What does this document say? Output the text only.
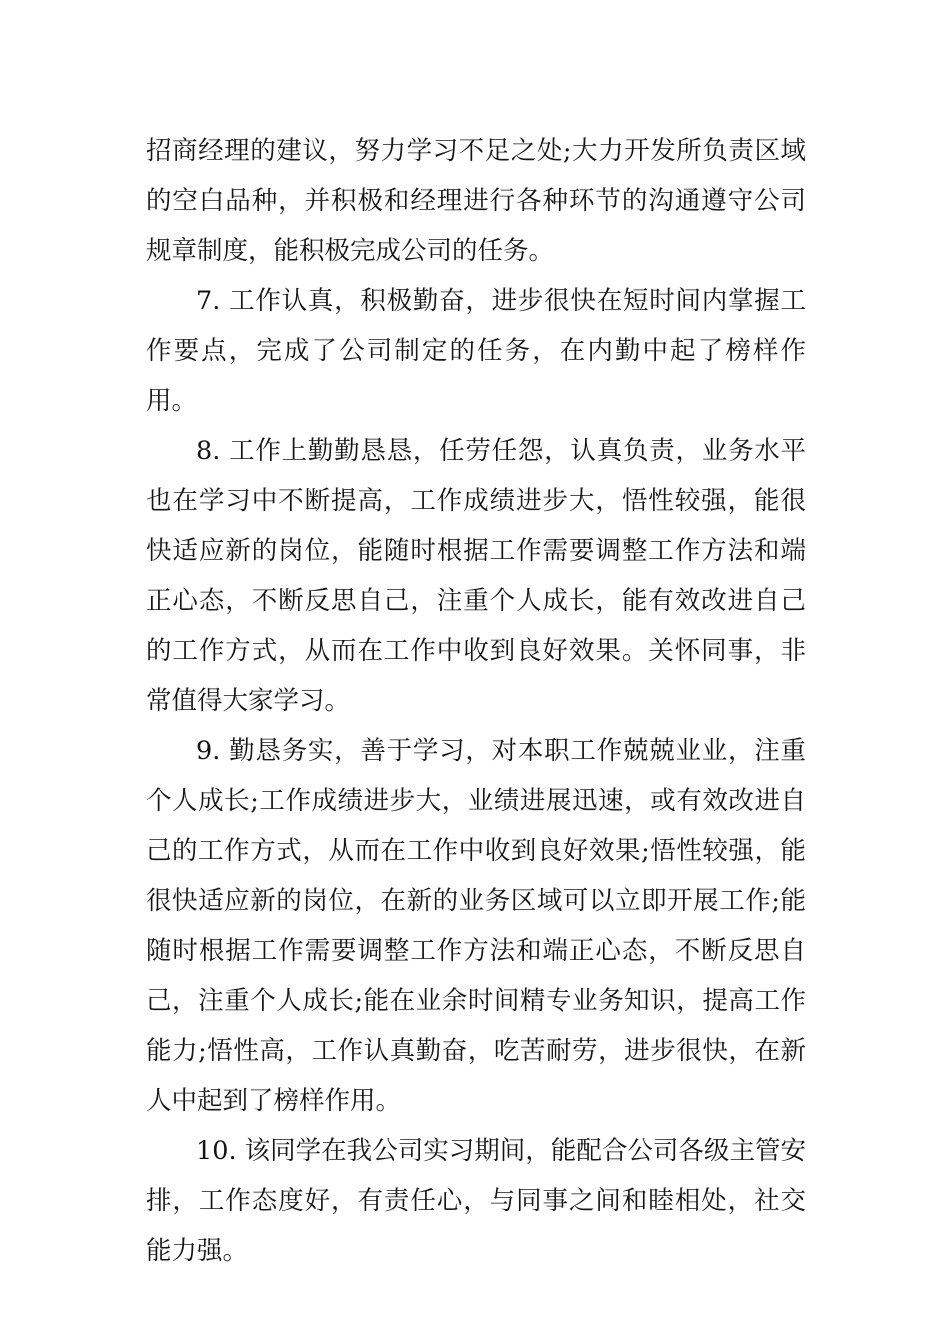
招商经理的建议，努力学习不足之处;大力开发所负责区域的空白品种，并积极和经理进行各种环节的沟通遵守公司规章制度，能积极完成公司的任务。

7. 工作认真，积极勤奋，进步很快在短时间内掌握工作要点，完成了公司制定的任务，在内勤中起了榜样作用。

8. 工作上勤勤恳恳，任劳任怨，认真负责，业务水平也在学习中不断提高，工作成绩进步大，悟性较强，能很快适应新的岗位，能随时根据工作需要调整工作方法和端正心态，不断反思自己，注重个人成长，能有效改进自己的工作方式，从而在工作中收到良好效果。关怀同事，非常值得大家学习。

9. 勤恳务实，善于学习，对本职工作兢兢业业，注重个人成长;工作成绩进步大，业绩进展迅速，或有效改进自己的工作方式，从而在工作中收到良好效果;悟性较强，能很快适应新的岗位，在新的业务区域可以立即开展工作;能随时根据工作需要调整工作方法和端正心态，不断反思自己，注重个人成长;能在业余时间精专业务知识，提高工作能力;悟性高，工作认真勤奋，吃苦耐劳，进步很快，在新人中起到了榜样作用。

10. 该同学在我公司实习期间，能配合公司各级主管安排，工作态度好，有责任心，与同事之间和睦相处，社交能力强。
